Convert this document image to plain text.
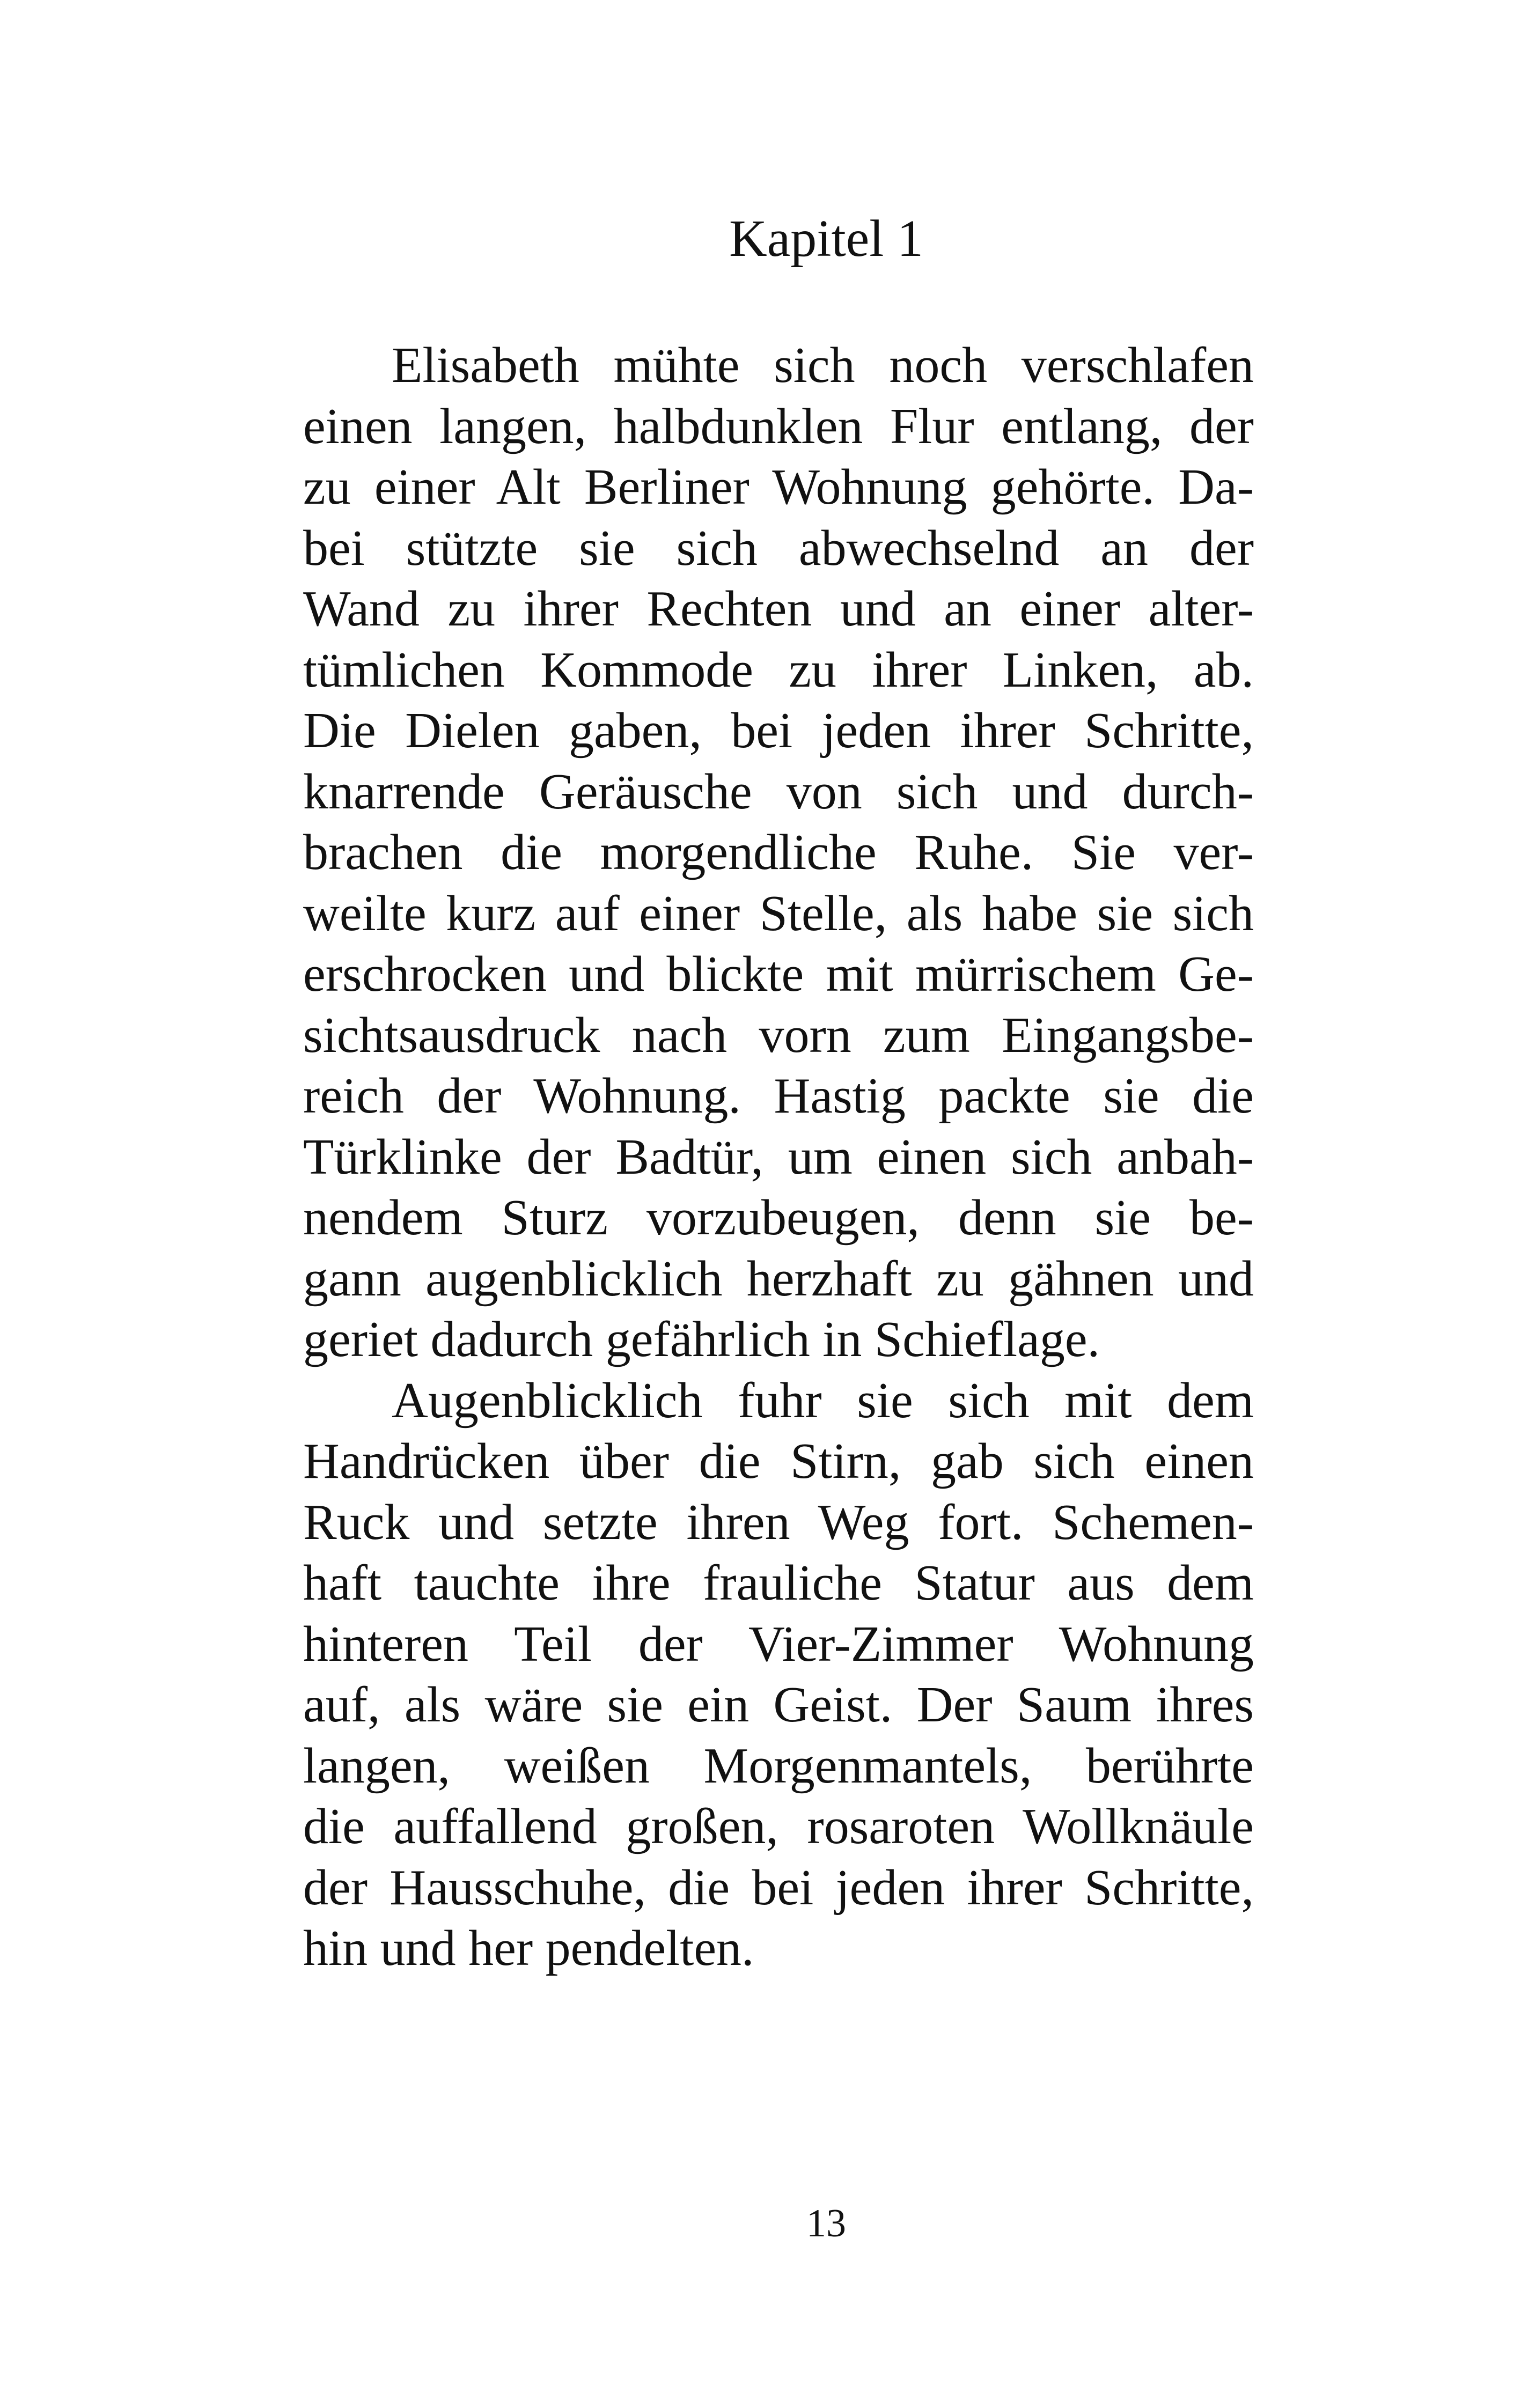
Kapitel 1
Elisabeth mühte sich noch verschlafen
einen langen, halbdunklen Flur entlang, der
zu einer Alt Berliner Wohnung gehörte. Da-
bei stützte sie sich abwechselnd an der
Wand zu ihrer Rechten und an einer alter-
tümlichen Kommode zu ihrer Linken, ab.
Die Dielen gaben, bei jeden ihrer Schritte,
knarrende Geräusche von sich und durch-
brachen die morgendliche Ruhe. Sie ver-
weilte kurz auf einer Stelle, als habe sie sich
erschrocken und blickte mit mürrischem Ge-
sichtsausdruck nach vorn zum Eingangsbe-
reich der Wohnung. Hastig packte sie die
Türklinke der Badtür, um einen sich anbah-
nendem Sturz vorzubeugen, denn sie be-
gann augenblicklich herzhaft zu gähnen und
geriet dadurch gefährlich in Schieflage.
Augenblicklich fuhr sie sich mit dem
Handrücken über die Stirn, gab sich einen
Ruck und setzte ihren Weg fort. Schemen-
haft tauchte ihre frauliche Statur aus dem
hinteren Teil der Vier-Zimmer Wohnung
auf, als wäre sie ein Geist. Der Saum ihres
langen, weißen Morgenmantels, berührte
die auffallend großen, rosaroten Wollknäule
der Hausschuhe, die bei jeden ihrer Schritte,
hin und her pendelten.
13
